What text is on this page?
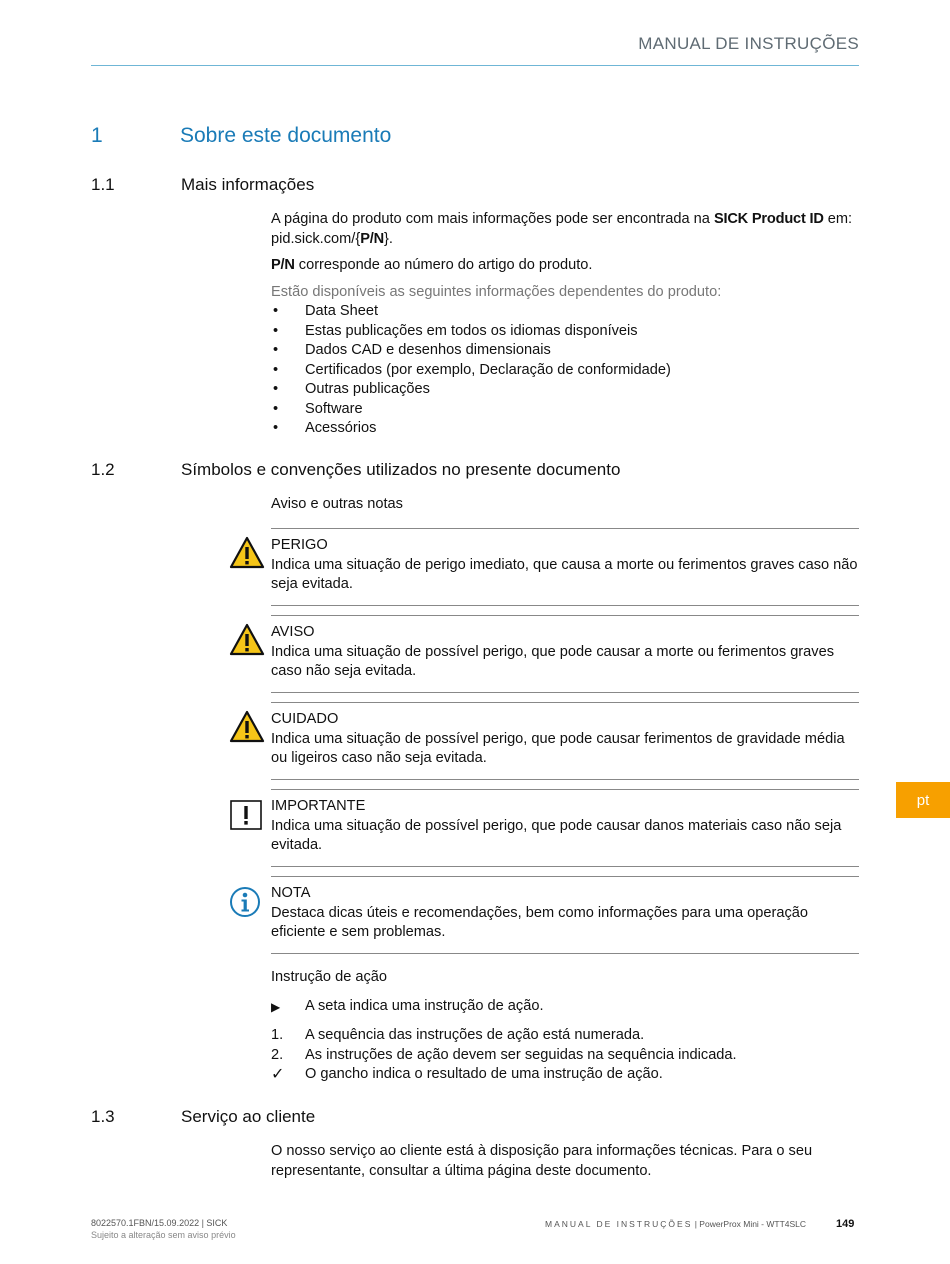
MANUAL DE INSTRUÇÕES
1	Sobre este documento
1.1	Mais informações

A página do produto com mais informações pode ser encontrada na SICK Product ID em:
pid.sick.com/{P/N}.

P/N corresponde ao número do artigo do produto.

Estão disponíveis as seguintes informações dependentes do produto:

• Data Sheet
• Estas publicações em todos os idiomas disponíveis
• Dados CAD e desenhos dimensionais
• Certificados (por exemplo, Declaração de conformidade)
• Outras publicações
• Software
• Acessórios
1.2	Símbolos e convenções utilizados no presente documento
Aviso e outras notas
PERIGO
Indica uma situação de perigo imediato, que causa a morte ou ferimentos graves caso não seja evitada.
AVISO
Indica uma situação de possível perigo, que pode causar a morte ou ferimentos graves caso não seja evitada.
CUIDADO
Indica uma situação de possível perigo, que pode causar ferimentos de gravidade média ou ligeiros caso não seja evitada.
IMPORTANTE
Indica uma situação de possível perigo, que pode causar danos materiais caso não seja evitada.
NOTA
Destaca dicas úteis e recomendações, bem como informações para uma operação eficiente e sem problemas.
Instrução de ação
▶ A seta indica uma instrução de ação.
1. A sequência das instruções de ação está numerada.
2. As instruções de ação devem ser seguidas na sequência indicada.
✓ O gancho indica o resultado de uma instrução de ação.
1.3	Serviço ao cliente
O nosso serviço ao cliente está à disposição para informações técnicas. Para o seu representante, consultar a última página deste documento.
pt
8022570.1FBN/15.09.2022 | SICK
Sujeito a alteração sem aviso prévio
MANUAL DE INSTRUÇÕES | PowerProx Mini - WTT4SLC	149
